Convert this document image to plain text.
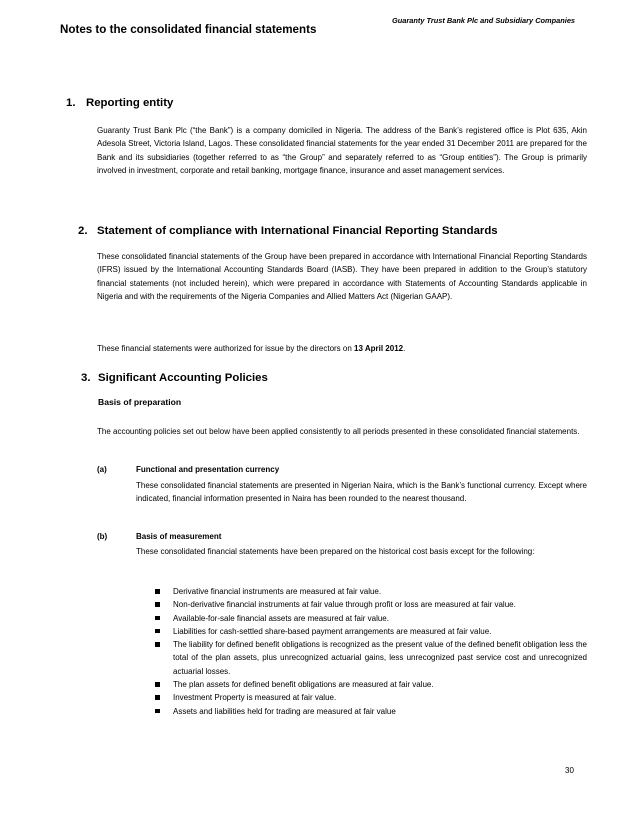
Guaranty Trust Bank Plc and Subsidiary Companies
Notes to the consolidated financial statements
1. Reporting entity

Guaranty Trust Bank Plc (“the Bank”) is a company domiciled in Nigeria. The address of the Bank’s registered office is Plot 635, Akin Adesola Street, Victoria Island, Lagos. These consolidated financial statements for the year ended 31 December 2011 are prepared for the Bank and its subsidiaries (together referred to as “the Group” and separately referred to as “Group entities”). The Group is primarily involved in investment, corporate and retail banking, mortgage finance, insurance and asset management services.

2. Statement of compliance with International Financial Reporting Standards

These consolidated financial statements of the Group have been prepared in accordance with International Financial Reporting Standards (IFRS) issued by the International Accounting Standards Board (IASB). They have been prepared in addition to the Group’s statutory financial statements (not included herein), which were prepared in accordance with Statements of Accounting Standards applicable in Nigeria and with the requirements of the Nigeria Companies and Allied Matters Act (Nigerian GAAP).

These financial statements were authorized for issue by the directors on 13 April 2012.

3. Significant Accounting Policies
Basis of preparation

The accounting policies set out below have been applied consistently to all periods presented in these consolidated financial statements.

(a)	Functional and presentation currency

These consolidated financial statements are presented in Nigerian Naira, which is the Bank’s functional currency. Except where indicated, financial information presented in Naira has been rounded to the nearest thousand.

(b)	Basis of measurement

These consolidated financial statements have been prepared on the historical cost basis except for the following:

Derivative financial instruments are measured at fair value.
Non-derivative financial instruments at fair value through profit or loss are measured at fair value.
Available-for-sale financial assets are measured at fair value.
Liabilities for cash-settled share-based payment arrangements are measured at fair value.
The liability for defined benefit obligations is recognized as the present value of the defined benefit obligation less the total of the plan assets, plus unrecognized actuarial gains, less unrecognized past service cost and unrecognized actuarial losses.
The plan assets for defined benefit obligations are measured at fair value.
Investment Property is measured at fair value.
Assets and liabilities held for trading are measured at fair value
30
